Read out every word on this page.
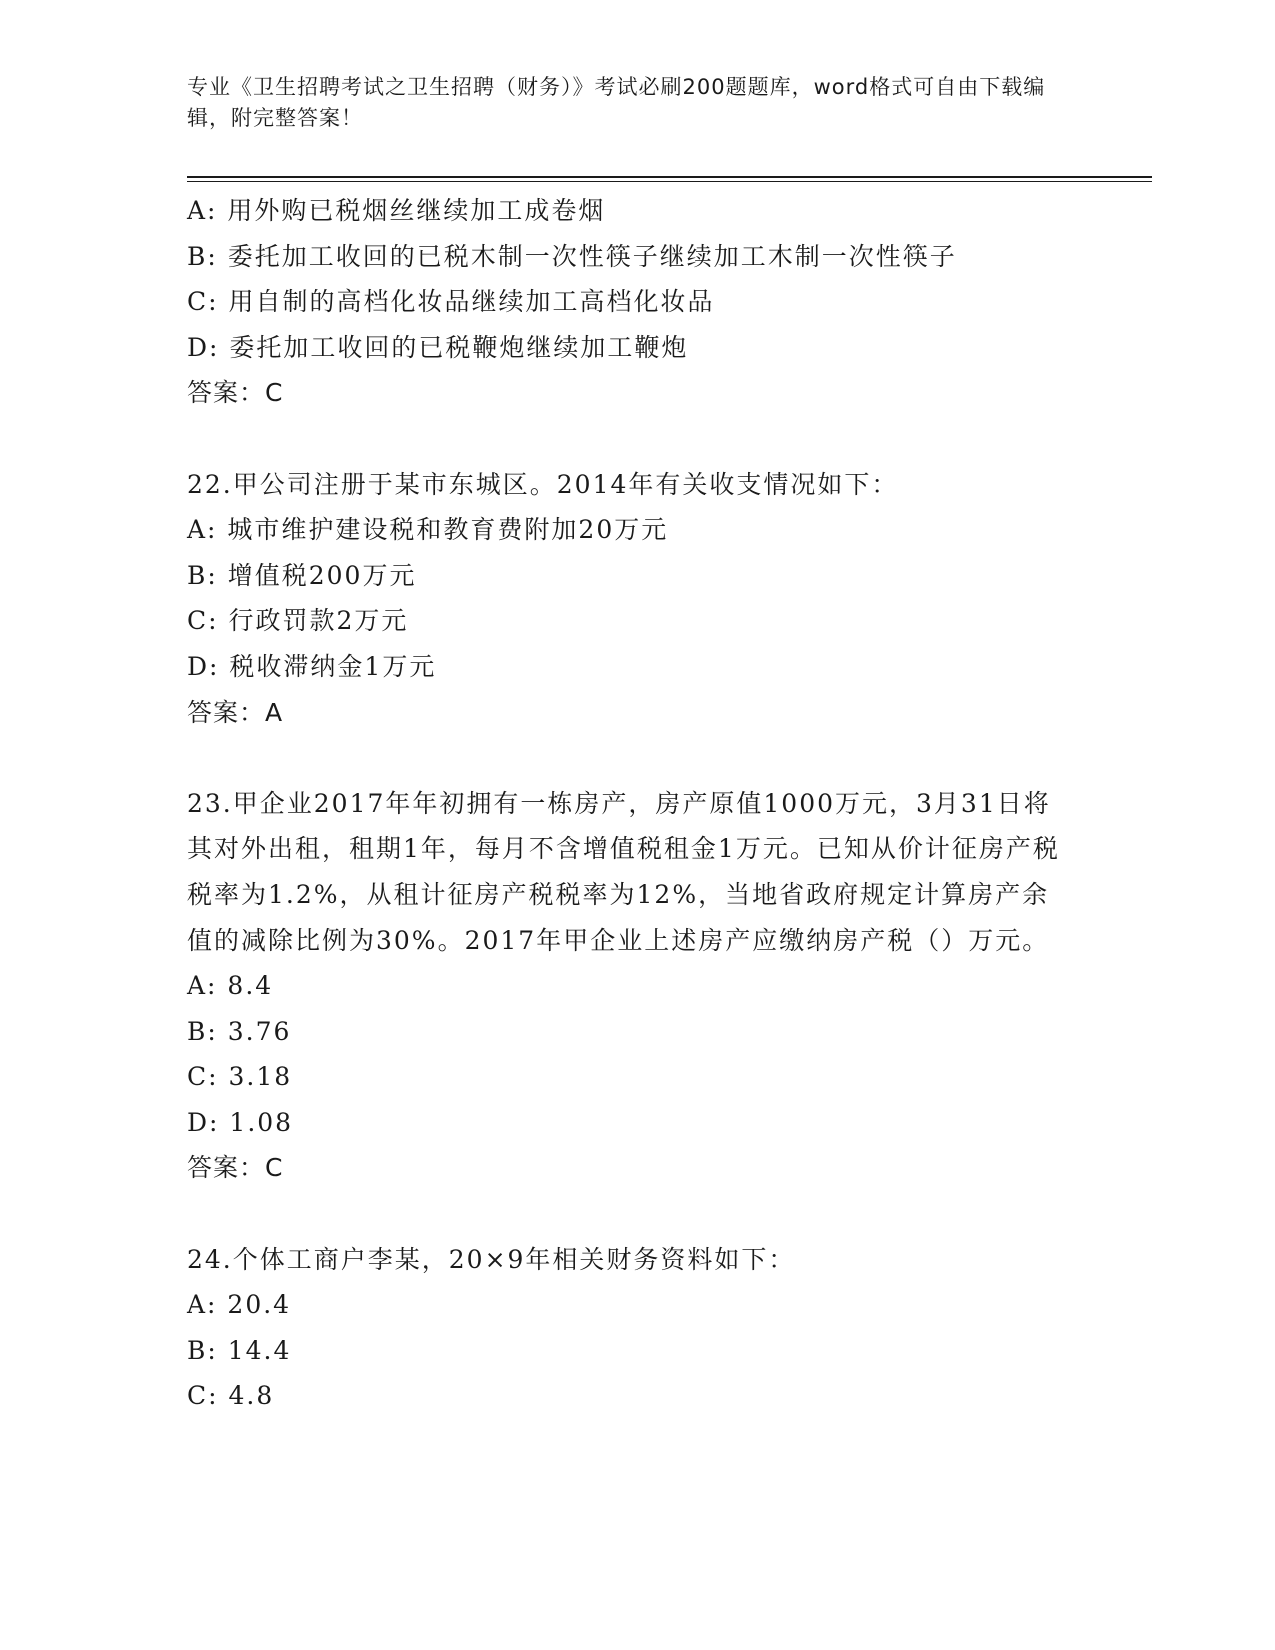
专业《卫生招聘考试之卫生招聘（财务）》考试必刷200题题库，word格式可自由下载编辑，附完整答案！
A: 用外购已税烟丝继续加工成卷烟
B: 委托加工收回的已税木制一次性筷子继续加工木制一次性筷子
C: 用自制的高档化妆品继续加工高档化妆品
D: 委托加工收回的已税鞭炮继续加工鞭炮
答案：C
22.甲公司注册于某市东城区。2014年有关收支情况如下：
A: 城市维护建设税和教育费附加20万元
B: 增值税200万元
C: 行政罚款2万元
D: 税收滞纳金1万元
答案：A
23.甲企业2017年年初拥有一栋房产，房产原值1000万元，3月31日将其对外出租，租期1年，每月不含增值税租金1万元。已知从价计征房产税税率为1.2%，从租计征房产税税率为12%，当地省政府规定计算房产余值的减除比例为30%。2017年甲企业上述房产应缴纳房产税（）万元。
A: 8.4
B: 3.76
C: 3.18
D: 1.08
答案：C
24.个体工商户李某，20×9年相关财务资料如下：
A: 20.4
B: 14.4
C: 4.8
